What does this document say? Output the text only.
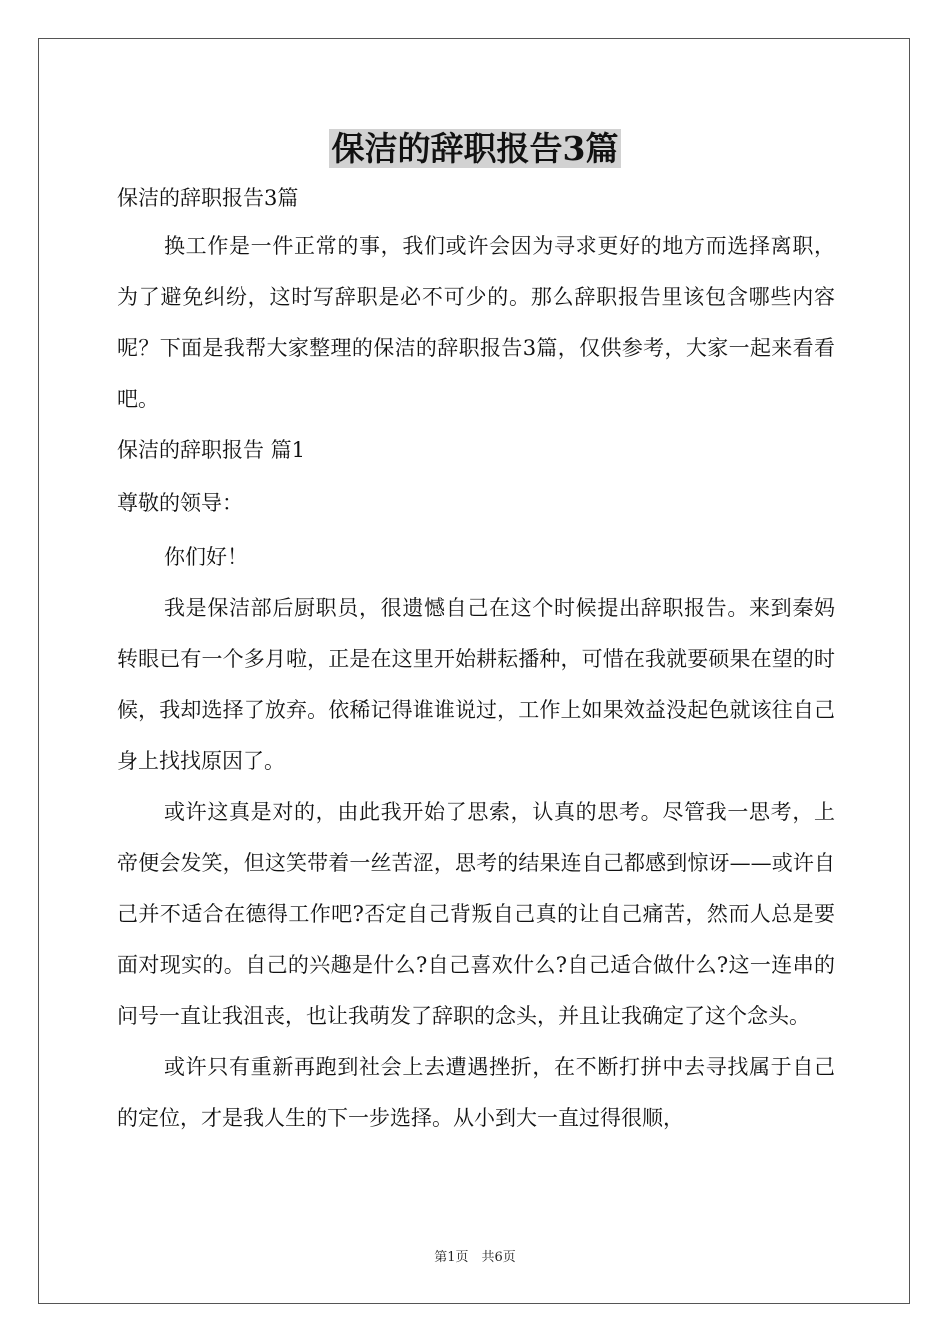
保洁的辞职报告3篇

保洁的辞职报告3篇

换工作是一件正常的事，我们或许会因为寻求更好的地方而选择离职，为了避免纠纷，这时写辞职是必不可少的。那么辞职报告里该包含哪些内容呢？下面是我帮大家整理的保洁的辞职报告3篇，仅供参考，大家一起来看看吧。

保洁的辞职报告 篇1

尊敬的领导：

你们好！

我是保洁部后厨职员，很遗憾自己在这个时候提出辞职报告。来到秦妈转眼已有一个多月啦，正是在这里开始耕耘播种，可惜在我就要硕果在望的时候，我却选择了放弃。依稀记得谁谁说过，工作上如果效益没起色就该往自己身上找找原因了。

或许这真是对的，由此我开始了思索，认真的思考。尽管我一思考，上帝便会发笑，但这笑带着一丝苦涩，思考的结果连自己都感到惊讶——或许自己并不适合在德得工作吧?否定自己背叛自己真的让自己痛苦，然而人总是要面对现实的。自己的兴趣是什么?自己喜欢什么?自己适合做什么?这一连串的问号一直让我沮丧，也让我萌发了辞职的念头，并且让我确定了这个念头。

或许只有重新再跑到社会上去遭遇挫折，在不断打拼中去寻找属于自己的定位，才是我人生的下一步选择。从小到大一直过得很顺，

第1页　共6页
